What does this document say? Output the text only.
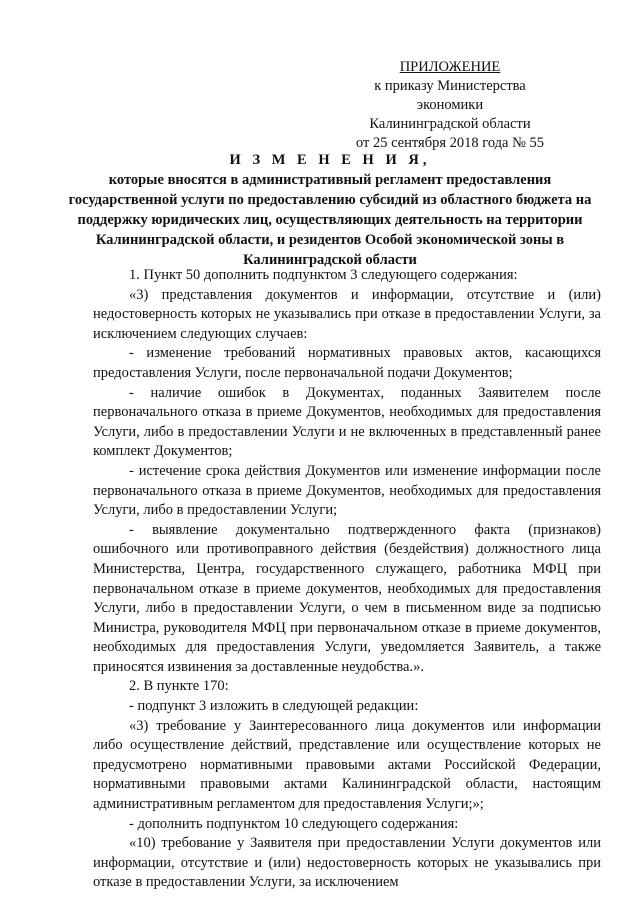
ПРИЛОЖЕНИЕ
к приказу Министерства экономики
Калининградской области
от 25 сентября 2018 года № 55
И З М Е Н Е Н И Я,
которые вносятся в административный регламент предоставления государственной услуги по предоставлению субсидий из областного бюджета на поддержку юридических лиц, осуществляющих деятельность на территории Калининградской области, и резидентов Особой экономической зоны в Калининградской области

1. Пункт 50 дополнить подпунктом 3 следующего содержания:

«3) представления документов и информации, отсутствие и (или) недостоверность которых не указывались при отказе в предоставлении Услуги, за исключением следующих случаев:

- изменение требований нормативных правовых актов, касающихся предоставления Услуги, после первоначальной подачи Документов;

- наличие ошибок в Документах, поданных Заявителем после первоначального отказа в приеме Документов, необходимых для предоставления Услуги, либо в предоставлении Услуги и не включенных в представленный ранее комплект Документов;

- истечение срока действия Документов или изменение информации после первоначального отказа в приеме Документов, необходимых для предоставления Услуги, либо в предоставлении Услуги;

- выявление документально подтвержденного факта (признаков) ошибочного или противоправного действия (бездействия) должностного лица Министерства, Центра, государственного служащего, работника МФЦ при первоначальном отказе в приеме документов, необходимых для предоставления Услуги, либо в предоставлении Услуги, о чем в письменном виде за подписью Министра, руководителя МФЦ при первоначальном отказе в приеме документов, необходимых для предоставления Услуги, уведомляется Заявитель, а также приносятся извинения за доставленные неудобства.».

2. В пункте 170:

- подпункт 3 изложить в следующей редакции:

«3) требование у Заинтересованного лица документов или информации либо осуществление действий, представление или осуществление которых не предусмотрено нормативными правовыми актами Российской Федерации, нормативными правовыми актами Калининградской области, настоящим административным регламентом для предоставления Услуги;»;

- дополнить подпунктом 10 следующего содержания:

«10) требование у Заявителя при предоставлении Услуги документов или информации, отсутствие и (или) недостоверность которых не указывались при отказе в предоставлении Услуги, за исключением
